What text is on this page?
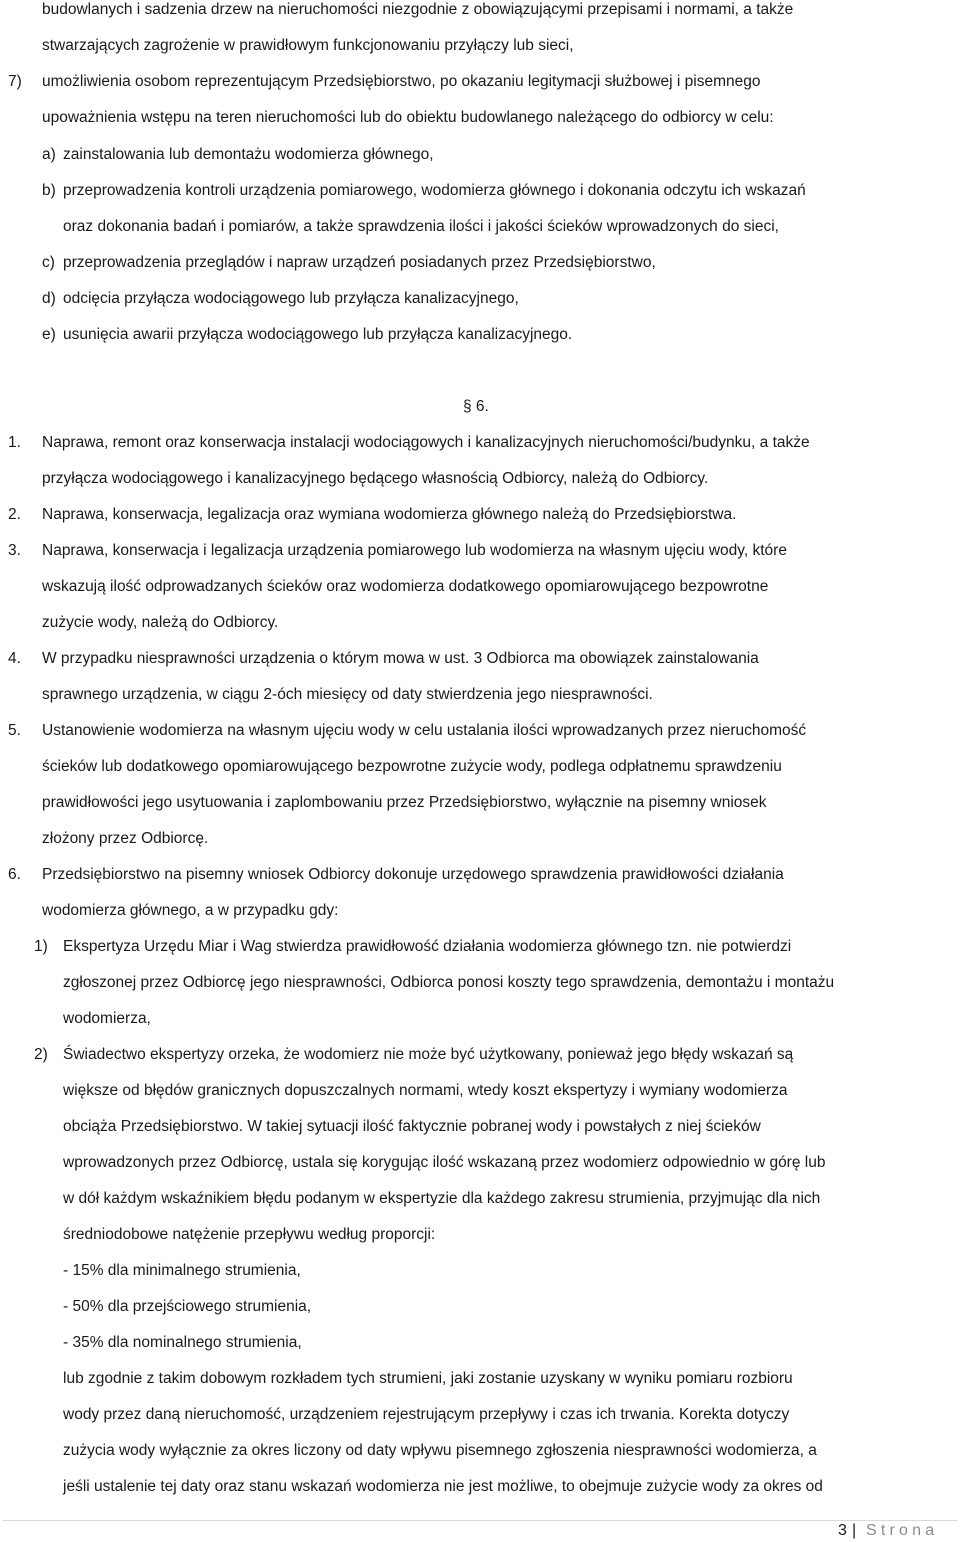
budowlanych i sadzenia drzew na nieruchomości niezgodnie z obowiązującymi przepisami i normami, a także
stwarzających zagrożenie w prawidłowym funkcjonowaniu przyłączy lub sieci,
7) umożliwienia osobom reprezentującym Przedsiębiorstwo, po okazaniu legitymacji służbowej i pisemnego
upoważnienia wstępu na teren nieruchomości lub do obiektu budowlanego należącego do odbiorcy w celu:
a) zainstalowania lub demontażu wodomierza głównego,
b) przeprowadzenia kontroli urządzenia pomiarowego, wodomierza głównego i dokonania odczytu ich wskazań
oraz dokonania badań i pomiarów, a także sprawdzenia ilości i jakości ścieków wprowadzonych do sieci,
c) przeprowadzenia przeglądów i napraw urządzeń posiadanych przez Przedsiębiorstwo,
d) odcięcia przyłącza wodociągowego lub przyłącza kanalizacyjnego,
e) usunięcia awarii przyłącza wodociągowego lub przyłącza kanalizacyjnego.
§ 6.
1. Naprawa, remont oraz konserwacja instalacji wodociągowych i kanalizacyjnych nieruchomości/budynku, a także
przyłącza wodociągowego i kanalizacyjnego będącego własnością Odbiorcy, należą do Odbiorcy.
2. Naprawa, konserwacja, legalizacja oraz wymiana wodomierza głównego należą do Przedsiębiorstwa.
3. Naprawa, konserwacja i legalizacja urządzenia pomiarowego lub wodomierza na własnym ujęciu wody, które
wskazują ilość odprowadzanych ścieków oraz wodomierza dodatkowego opomiarowującego bezpowrotne
zużycie wody, należą do Odbiorcy.
4. W przypadku niesprawności urządzenia o którym mowa w ust. 3 Odbiorca ma obowiązek zainstalowania
sprawnego urządzenia, w ciągu 2-óch miesięcy od daty stwierdzenia jego niesprawności.
5. Ustanowienie wodomierza na własnym ujęciu wody w celu ustalania ilości wprowadzanych przez nieruchomość
ścieków lub dodatkowego opomiarowującego bezpowrotne zużycie wody, podlega odpłatnemu sprawdzeniu
prawidłowości jego usytuowania i zaplombowaniu przez Przedsiębiorstwo, wyłącznie na pisemny wniosek
złożony przez Odbiorcę.
6. Przedsiębiorstwo na pisemny wniosek Odbiorcy dokonuje urzędowego sprawdzenia prawidłowości działania
wodomierza głównego, a w przypadku gdy:
1) Ekspertyza Urzędu Miar i Wag stwierdza prawidłowość działania wodomierza głównego tzn. nie potwierdzi
zgłoszonej przez Odbiorcę jego niesprawności, Odbiorca ponosi koszty tego sprawdzenia, demontażu i montażu
wodomierza,
2) Świadectwo ekspertyzy orzeka, że wodomierz nie może być użytkowany, ponieważ jego błędy wskazań są
większe od błędów granicznych dopuszczalnych normami, wtedy koszt ekspertyzy i wymiany wodomierza
obciąża Przedsiębiorstwo. W takiej sytuacji ilość faktycznie pobranej wody i powstałych z niej ścieków
wprowadzonych przez Odbiorcę, ustala się korygując ilość wskazaną przez wodomierz odpowiednio w górę lub
w dół każdym wskaźnikiem błędu podanym w ekspertyzie dla każdego zakresu strumienia, przyjmując dla nich
średniodobowe natężenie przepływu według proporcji:
- 15% dla minimalnego strumienia,
- 50% dla przejściowego strumienia,
- 35% dla nominalnego strumienia,
lub zgodnie z takim dobowym rozkładem tych strumieni, jaki zostanie uzyskany w wyniku pomiaru rozbioru
wody przez daną nieruchomość, urządzeniem rejestrującym przepływy i czas ich trwania. Korekta dotyczy
zużycia wody wyłącznie za okres liczony od daty wpływu pisemnego zgłoszenia niesprawności wodomierza, a
jeśli ustalenie tej daty oraz stanu wskazań wodomierza nie jest możliwe, to obejmuje zużycie wody za okres od
3 | Strona
